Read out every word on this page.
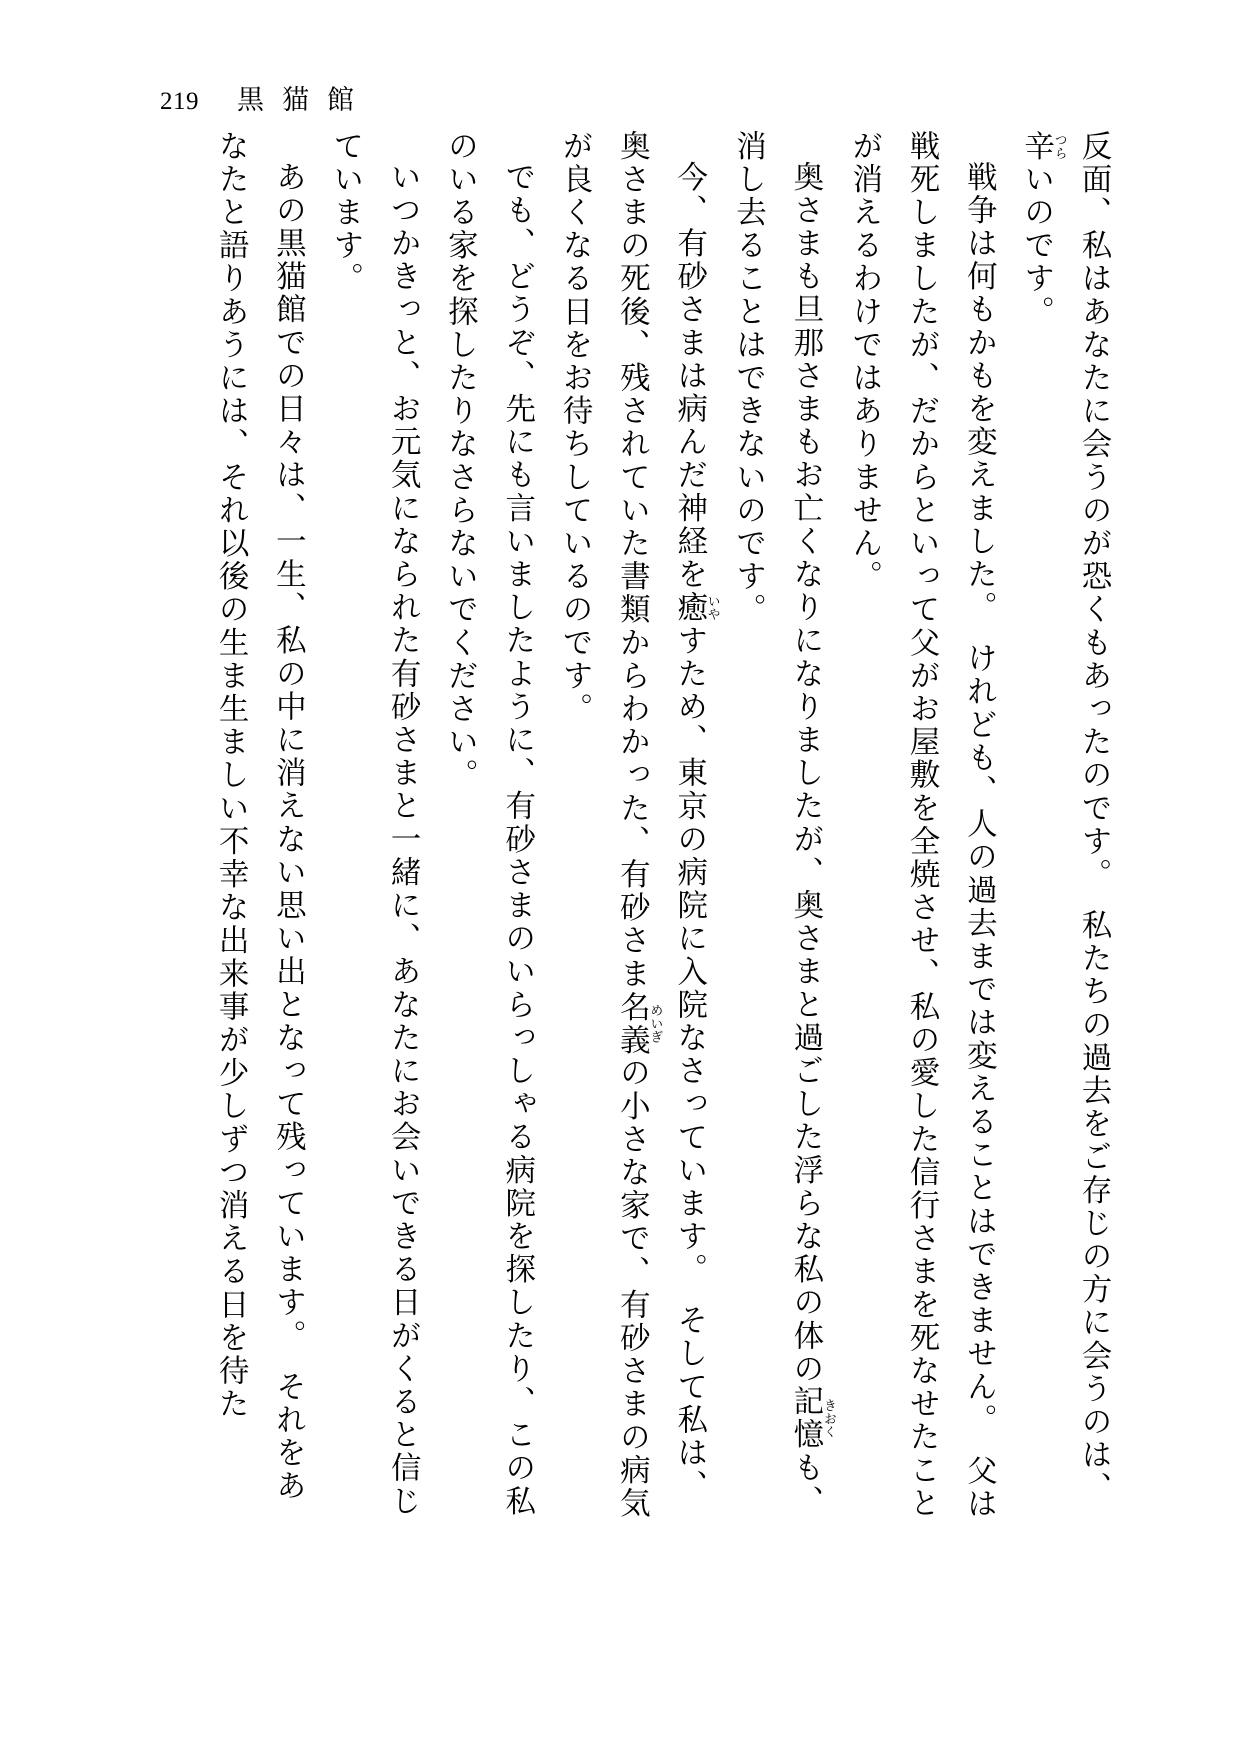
219 黒猫館

反面、私はあなたに会うのが恐くもあったのです。　私たちの過去をご存じの方に会うのは、辛つらいのです。

戦争は何もかもを変えました。　けれども、人の過去までは変えることはできません。　父は戦死しましたが、だからといって父がお屋敷を全焼させ、私の愛した信行さまを死なせたことが消えるわけではありません。

奥さまも旦那さまもお亡くなりになりましたが、奥さまと過ごした浮らな私の体の記憶きおくも、消し去ることはできないのです。

今、有砂さまは病んだ神経を癒いやすため、東京の病院に入院なさっています。　そして私は、奥さまの死後、残されていた書類からわかった、有砂さま名義めいぎの小さな家で、有砂さまの病気が良くなる日をお待ちしているのです。

でも、どうぞ、先にも言いましたように、有砂さまのいらっしゃる病院を探したり、この私のいる家を探したりなさらないでください。

いつかきっと、お元気になられた有砂さまと一緒に、あなたにお会いできる日がくると信じています。

あの黒猫館での日々は、一生、私の中に消えない思い出となって残っています。　それをあなたと語りあうには、それ以後の生ま生ましい不幸な出来事が少しずつ消える日を待た
